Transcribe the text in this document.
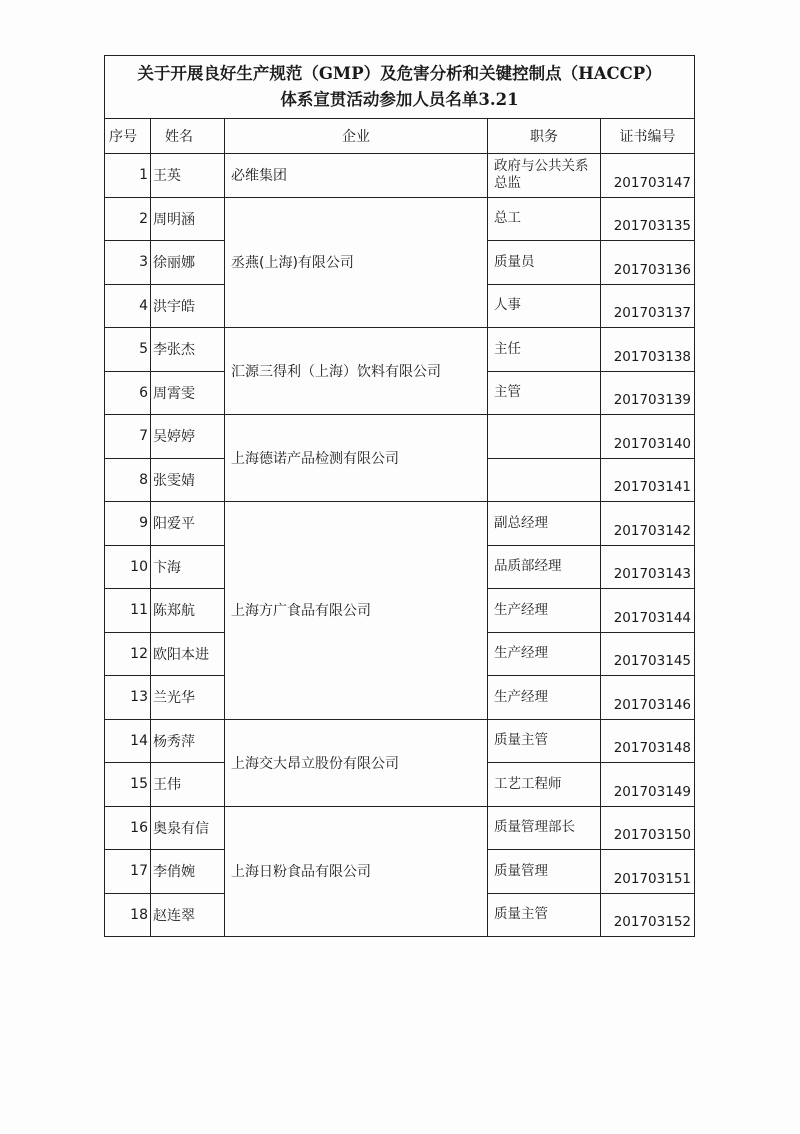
关于开展良好生产规范（GMP）及危害分析和关键控制点（HACCP）
体系宣贯活动参加人员名单3.21				

序号	姓名	企业	职务	证书编号
1	王英	必维集团	政府与公共关系总监	201703147
2	周明涵	丞燕(上海)有限公司	总工	201703135
3	徐丽娜		质量员	201703136
4	洪宇皓		人事	201703137
5	李张杰	汇源三得利（上海）饮料有限公司	主任	201703138
6	周霄雯		主管	201703139
7	吴婷婷	上海德诺产品检测有限公司		201703140
8	张雯婧			201703141
9	阳爱平	上海方广食品有限公司	副总经理	201703142
10	卞海		品质部经理	201703143
11	陈郑航		生产经理	201703144
12	欧阳本进		生产经理	201703145
13	兰光华		生产经理	201703146
14	杨秀萍	上海交大昂立股份有限公司	质量主管	201703148
15	王伟		工艺工程师	201703149
16	奥泉有信	上海日粉食品有限公司	质量管理部长	201703150
17	李俏婉		质量管理	201703151
18	赵连翠		质量主管	201703152
